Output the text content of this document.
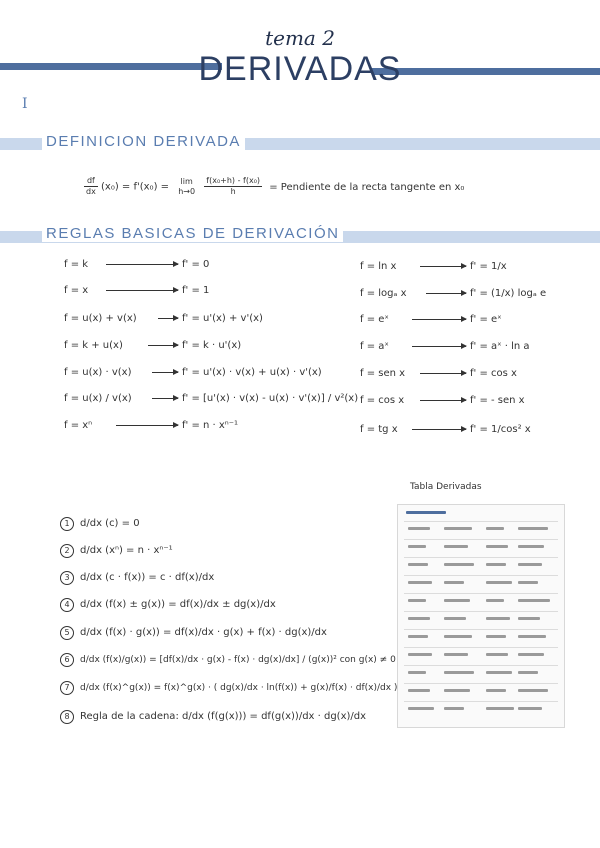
tema 2
DERIVADAS
I
DEFINICION DERIVADA
$\frac{df}{dx} (x_0) = f'(x_0)$ =
lim
h→0
$\frac{\text{f(x₀+h) - f(x₀)}}{h}$ = Pendiente de la recta tangente en x₀
REGLAS BASICAS DE DERIVACIÓN
f = k	f' = 0
f = x	f' = 1
f = u(x) + v(x)	f' = u'(x) + v'(x)
f = k + u(x)	f' = k · u'(x)
f = u(x) · v(x)	f' = u'(x) · v(x) + u(x) · v'(x)
f = u(x) / v(x)	f' = [u'(x) · v(x) - u(x) · v'(x)] / v²(x)
f = xⁿ	f' = n · xⁿ⁻¹
f = ln x	f' = 1/x
f = logₐ x	f' = (1/x) logₐ e
f = eˣ	f' = eˣ
f = aˣ	f' = aˣ · ln a
f = sen x	f' = cos x
f = cos x	f' = - sen x
f = tg x	f' = 1/cos² x
1 d/dx (c) = 0
2 d/dx (xⁿ) = n · xⁿ⁻¹
3 d/dx (c · f(x)) = c · df(x)/dx
4 d/dx (f(x) ± g(x)) = df(x)/dx ± dg(x)/dx
5 d/dx (f(x) · g(x)) = df(x)/dx · g(x) + f(x) · dg(x)/dx
6 d/dx (f(x)/g(x)) = [df(x)/dx · g(x) - f(x) · dg(x)/dx] / (g(x))² con g(x) ≠ 0
7 d/dx (f(x)^g(x)) = f(x)^g(x) · ( dg(x)/dx · ln(f(x)) + g(x)/f(x) · df(x)/dx )
8 Regla de la cadena: d/dx (f(g(x))) = df(g(x))/dx · dg(x)/dx
Tabla Derivadas
